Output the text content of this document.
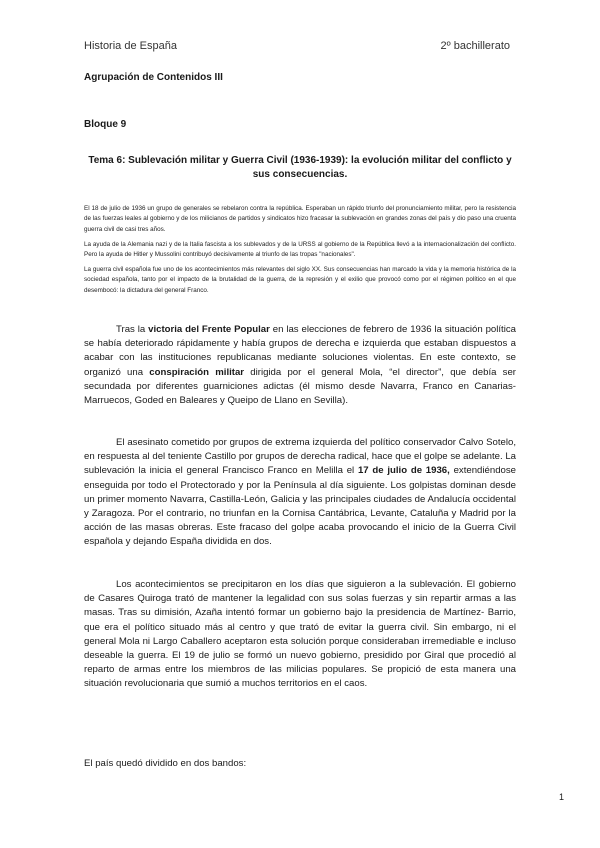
Historia de España	2º bachillerato
Agrupación de Contenidos III
Bloque 9
Tema 6: Sublevación militar y Guerra Civil (1936-1939): la evolución militar del conflicto y sus consecuencias.

El 18 de julio de 1936 un grupo de generales se rebelaron contra la república. Esperaban un rápido triunfo del pronunciamiento militar, pero la resistencia de las fuerzas leales al gobierno y de los milicianos de partidos y sindicatos hizo fracasar la sublevación en grandes zonas del país y dio paso una cruenta guerra civil de casi tres años.

La ayuda de la Alemania nazi y de la Italia fascista a los sublevados y de la URSS al gobierno de la República llevó a la internacionalización del conflicto. Pero la ayuda de Hitler y Mussolini contribuyó decisivamente al triunfo de las tropas "nacionales".

La guerra civil española fue uno de los acontecimientos más relevantes del siglo XX. Sus consecuencias han marcado la vida y la memoria histórica de la sociedad española, tanto por el impacto de la brutalidad de la guerra, de la represión y el exilio que provocó como por el régimen político en el que desembocó: la dictadura del general Franco.

Tras la victoria del Frente Popular en las elecciones de febrero de 1936 la situación política se había deteriorado rápidamente y había grupos de derecha e izquierda que estaban dispuestos a acabar con las instituciones republicanas mediante soluciones violentas. En este contexto, se organizó una conspiración militar dirigida por el general Mola, “el director”, que debía ser secundada por diferentes guarniciones adictas (él mismo desde Navarra, Franco en Canarias-Marruecos, Goded en Baleares y Queipo de Llano en Sevilla).

El asesinato cometido por grupos de extrema izquierda del político conservador Calvo Sotelo, en respuesta al del teniente Castillo por grupos de derecha radical, hace que el golpe se adelante. La sublevación la inicia el general Francisco Franco en Melilla el 17 de julio de 1936, extendiéndose enseguida por todo el Protectorado y por la Península al día siguiente. Los golpistas dominan desde un primer momento Navarra, Castilla-León, Galicia y las principales ciudades de Andalucía occidental y Zaragoza. Por el contrario, no triunfan en la Cornisa Cantábrica, Levante, Cataluña y Madrid por la acción de las masas obreras. Este fracaso del golpe acaba provocando el inicio de la Guerra Civil española y dejando España dividida en dos.

Los acontecimientos se precipitaron en los días que siguieron a la sublevación. El gobierno de Casares Quiroga trató de mantener la legalidad con sus solas fuerzas y sin repartir armas a las masas. Tras su dimisión, Azaña intentó formar un gobierno bajo la presidencia de Martínez- Barrio, que era el político situado más al centro y que trató de evitar la guerra civil. Sin embargo, ni el general Mola ni Largo Caballero aceptaron esta solución porque consideraban irremediable e incluso deseable la guerra. El 19 de julio se formó un nuevo gobierno, presidido por Giral que procedió al reparto de armas entre los miembros de las milicias populares. Se propició de esta manera una situación revolucionaria que sumió a muchos territorios en el caos.

El país quedó dividido en dos bandos:
1
